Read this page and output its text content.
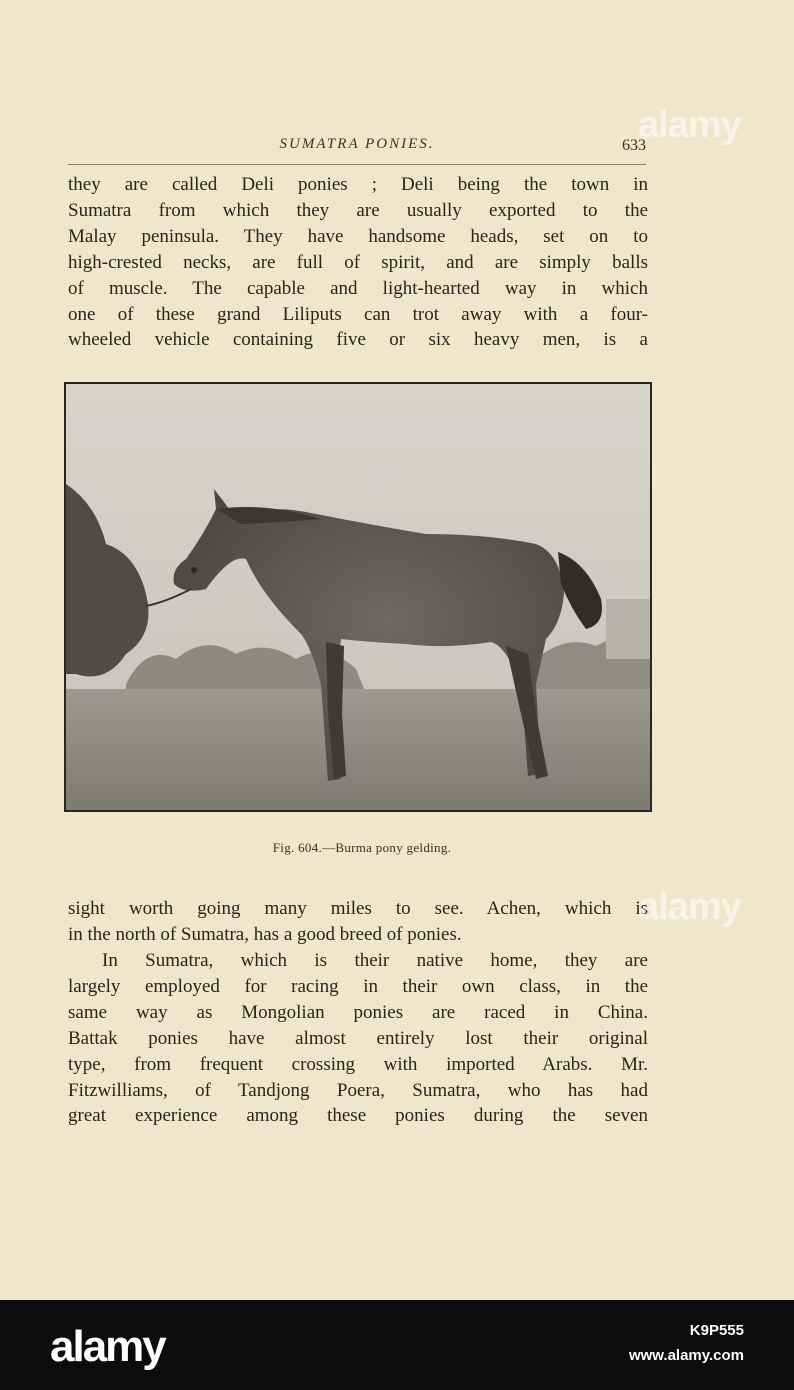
SUMATRA PONIES.	633
they are called Deli ponies ; Deli being the town in
Sumatra from which they are usually exported to the
Malay peninsula. They have handsome heads, set on to
high-crested necks, are full of spirit, and are simply balls
of muscle. The capable and light-hearted way in which
one of these grand Liliputs can trot away with a four-
wheeled vehicle containing five or six heavy men, is a
Fig. 604.—Burma pony gelding.
sight worth going many miles to see. Achen, which is
in the north of Sumatra, has a good breed of ponies.
In Sumatra, which is their native home, they are
largely employed for racing in their own class, in the
same way as Mongolian ponies are raced in China.
Battak ponies have almost entirely lost their original
type, from frequent crossing with imported Arabs. Mr.
Fitzwilliams, of Tandjong Poera, Sumatra, who has had
great experience among these ponies during the seven
alamy
alamy
alamy	K9P555
www.alamy.com
